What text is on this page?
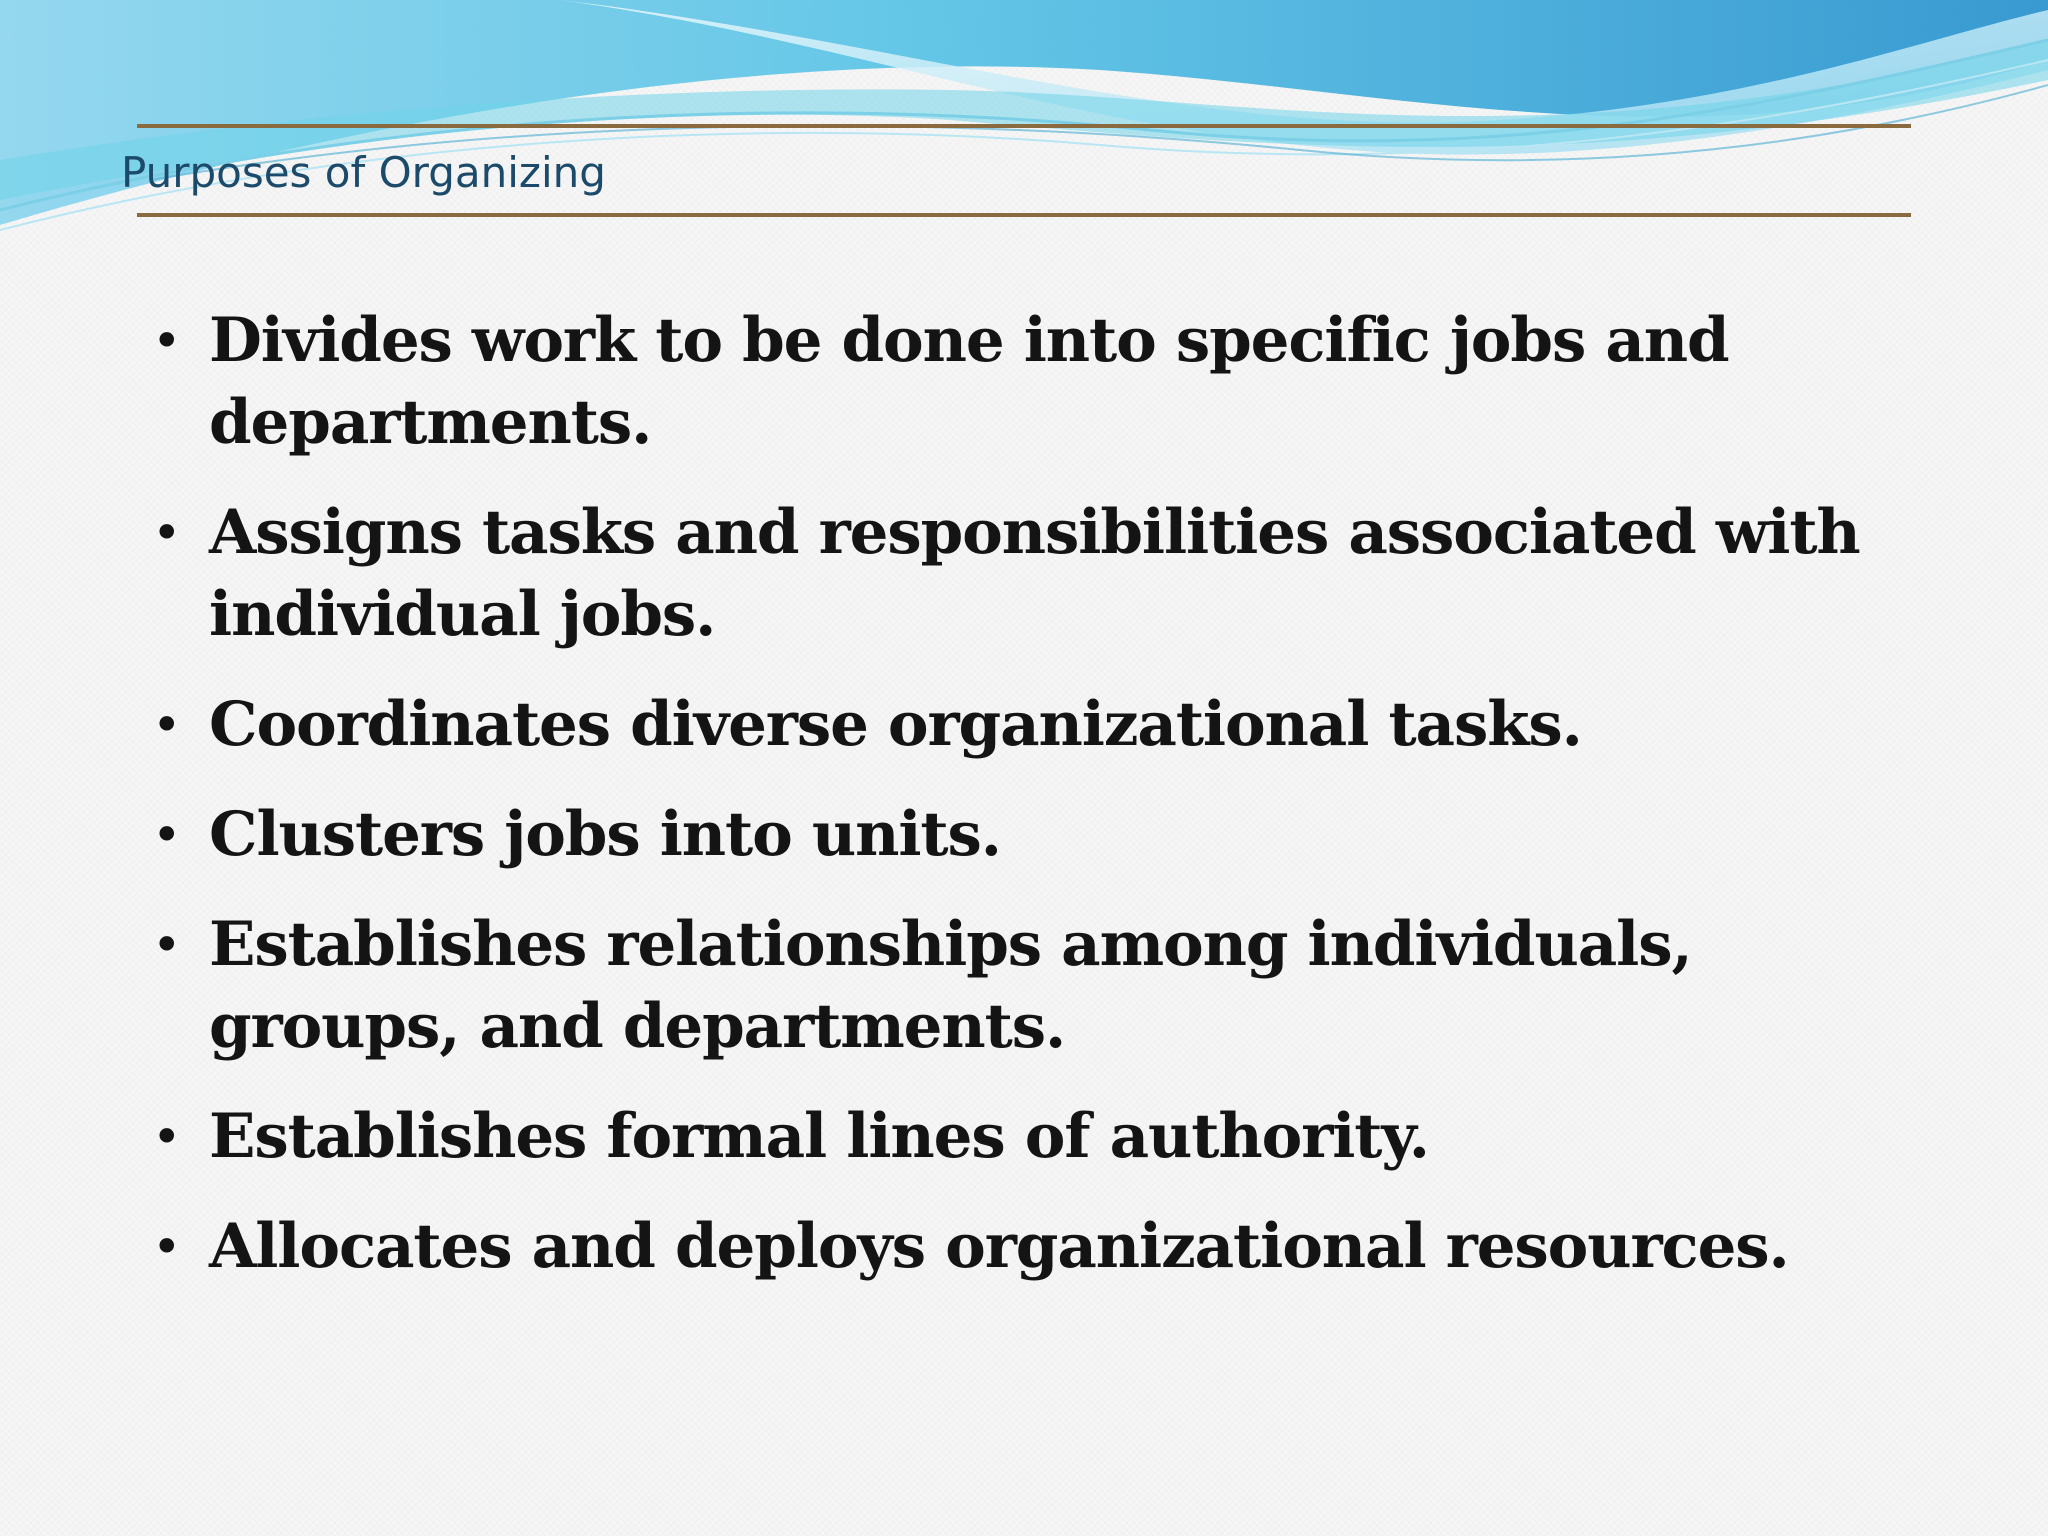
Purposes of Organizing
• Divides work to be done into specific jobs and departments.
• Assigns tasks and responsibilities associated with individual jobs.
• Coordinates diverse organizational tasks.
• Clusters jobs into units.
• Establishes relationships among individuals, groups, and departments.
• Establishes formal lines of authority.
• Allocates and deploys organizational resources.
